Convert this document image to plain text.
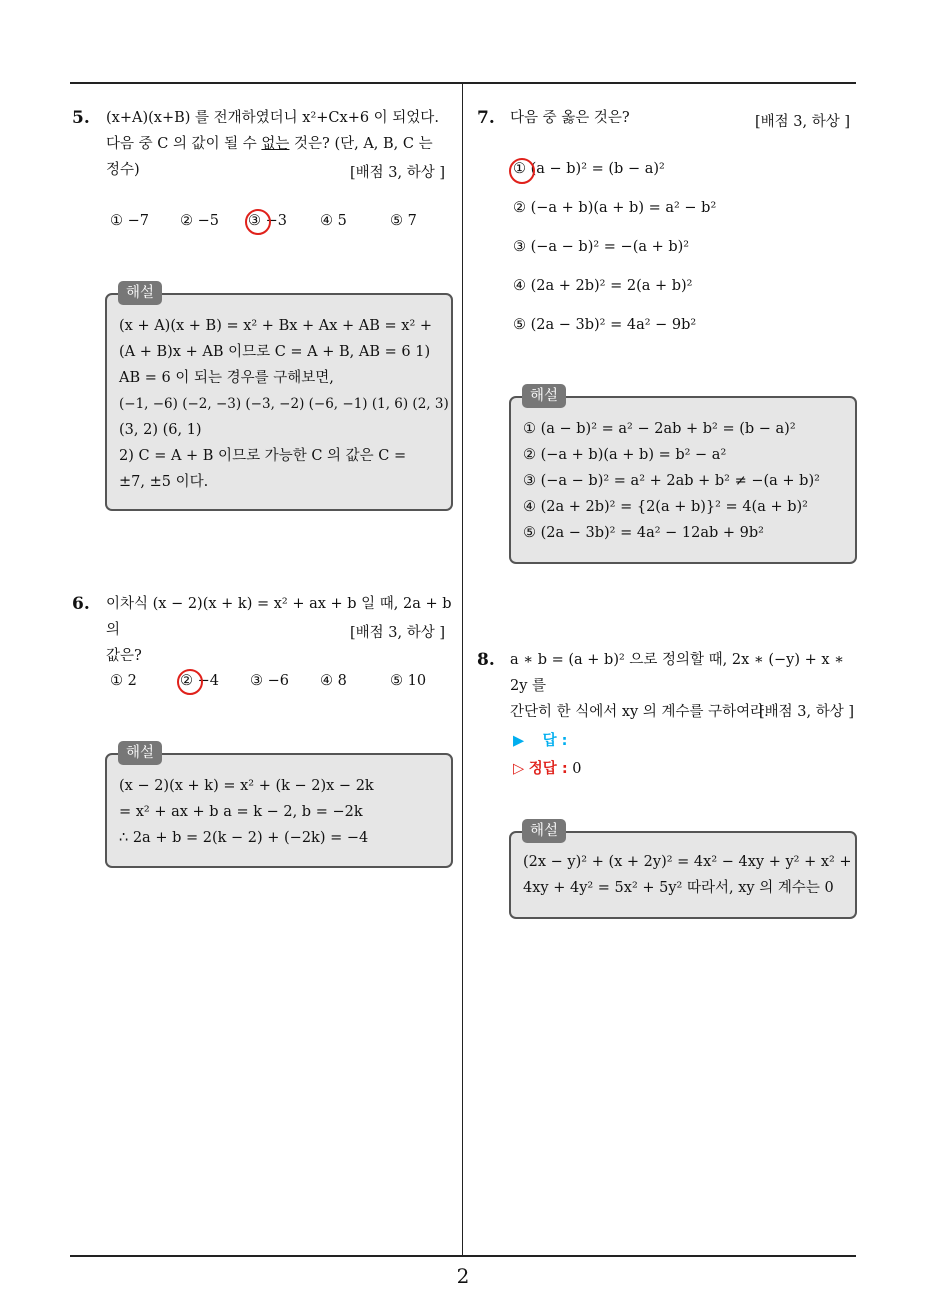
5. (x+A)(x+B) 를 전개하였더니 x²+Cx+6 이 되었다.
다음 중 C 의 값이 될 수 없는 것은? (단, A, B, C 는
정수)	[배점 3, 하상 ]
① −7	② −5	③ −3	④ 5	⑤ 7
(x + A)(x + B) = x² + Bx + Ax + AB = x² +
(A + B)x + AB 이므로 C = A + B, AB = 6 1)
AB = 6 이 되는 경우를 구해보면,
(−1, −6) (−2, −3) (−3, −2) (−6, −1) (1, 6) (2, 3)
(3, 2) (6, 1)
2) C = A + B 이므로 가능한 C 의 값은 C =
±7, ±5 이다.
해설
6. 이차식 (x − 2)(x + k) = x² + ax + b 일 때, 2a + b 의
값은?
[배점 3, 하상 ]
① 2	② −4	③ −6	④ 8	⑤ 10
(x − 2)(x + k) = x² + (k − 2)x − 2k
= x² + ax + b a = k − 2, b = −2k
∴ 2a + b = 2(k − 2) + (−2k) = −4
해설
7. 다음 중 옳은 것은?	[배점 3, 하상 ]
① (a − b)² = (b − a)²
② (−a + b)(a + b) = a² − b²
③ (−a − b)² = −(a + b)²
④ (2a + 2b)² = 2(a + b)²
⑤ (2a − 3b)² = 4a² − 9b²
① (a − b)² = a² − 2ab + b² = (b − a)²
② (−a + b)(a + b) = b² − a²
③ (−a − b)² = a² + 2ab + b² ≠ −(a + b)²
④ (2a + 2b)² = {2(a + b)}² = 4(a + b)²
⑤ (2a − 3b)² = 4a² − 12ab + 9b²
해설
8. a ∗ b = (a + b)² 으로 정의할 때, 2x ∗ (−y) + x ∗ 2y 를
간단히 한 식에서 xy 의 계수를 구하여라.
[배점 3, 하상 ]
▶ 답 :
▷ 정답 : 0
(2x − y)² + (x + 2y)² = 4x² − 4xy + y² + x² +
4xy + 4y² = 5x² + 5y² 따라서, xy 의 계수는 0
해설
2
